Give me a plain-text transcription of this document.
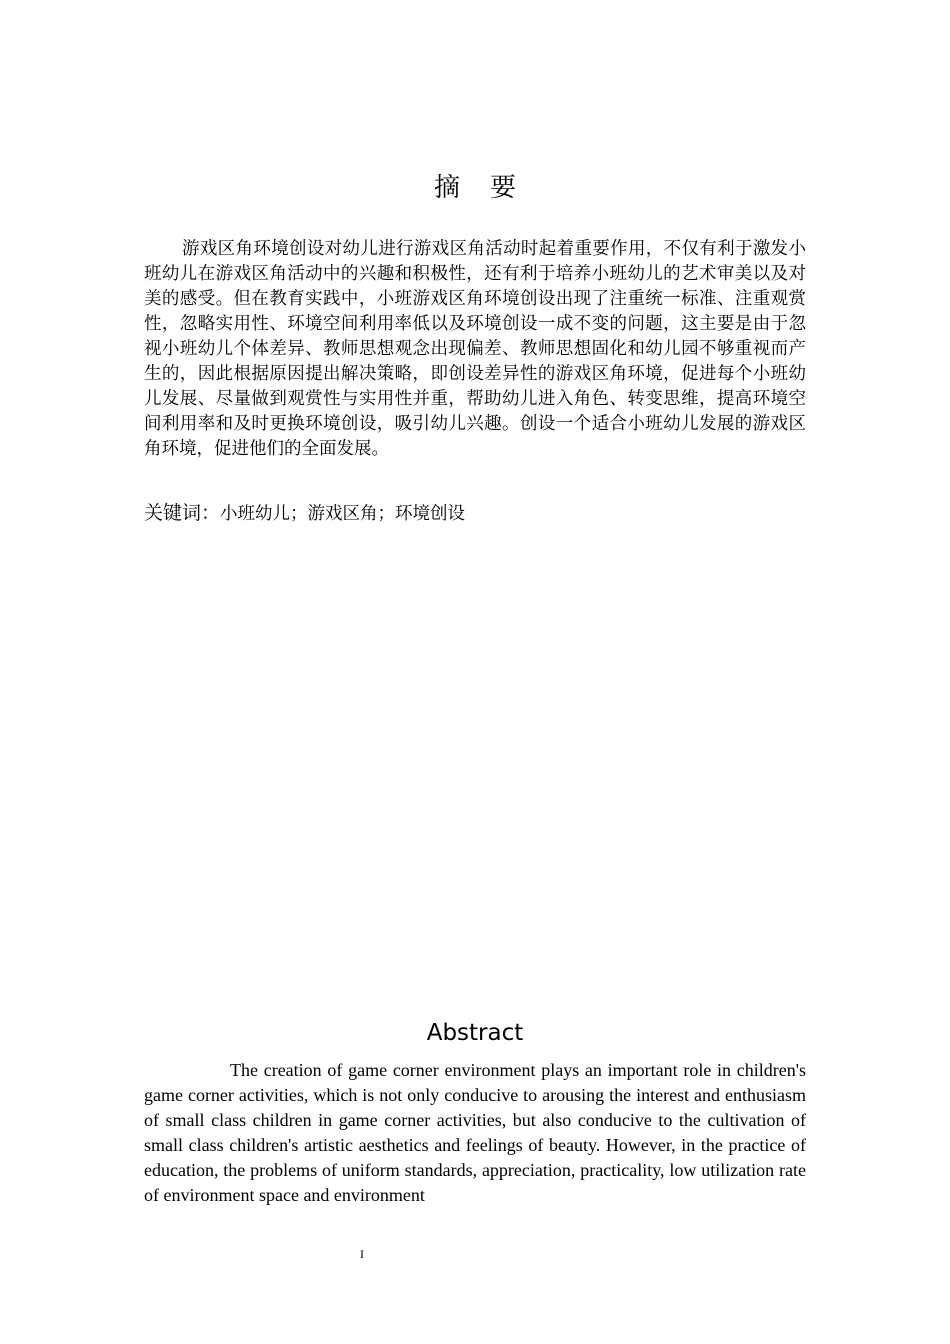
摘要

游戏区角环境创设对幼儿进行游戏区角活动时起着重要作用，不仅有利于激发小班幼儿在游戏区角活动中的兴趣和积极性，还有利于培养小班幼儿的艺术审美以及对美的感受。但在教育实践中，小班游戏区角环境创设出现了注重统一标准、注重观赏性，忽略实用性、环境空间利用率低以及环境创设一成不变的问题，这主要是由于忽视小班幼儿个体差异、教师思想观念出现偏差、教师思想固化和幼儿园不够重视而产生的，因此根据原因提出解决策略，即创设差异性的游戏区角环境，促进每个小班幼儿发展、尽量做到观赏性与实用性并重，帮助幼儿进入角色、转变思维，提高环境空间利用率和及时更换环境创设，吸引幼儿兴趣。创设一个适合小班幼儿发展的游戏区角环境，促进他们的全面发展。

关键词：小班幼儿；游戏区角；环境创设

Abstract

The creation of game corner environment plays an important role in children's game corner activities, which is not only conducive to arousing the interest and enthusiasm of small class children in game corner activities, but also conducive to the cultivation of small class children's artistic aesthetics and feelings of beauty. However, in the practice of education, the problems of uniform standards, appreciation, practicality, low utilization rate of environment space and environment

I
